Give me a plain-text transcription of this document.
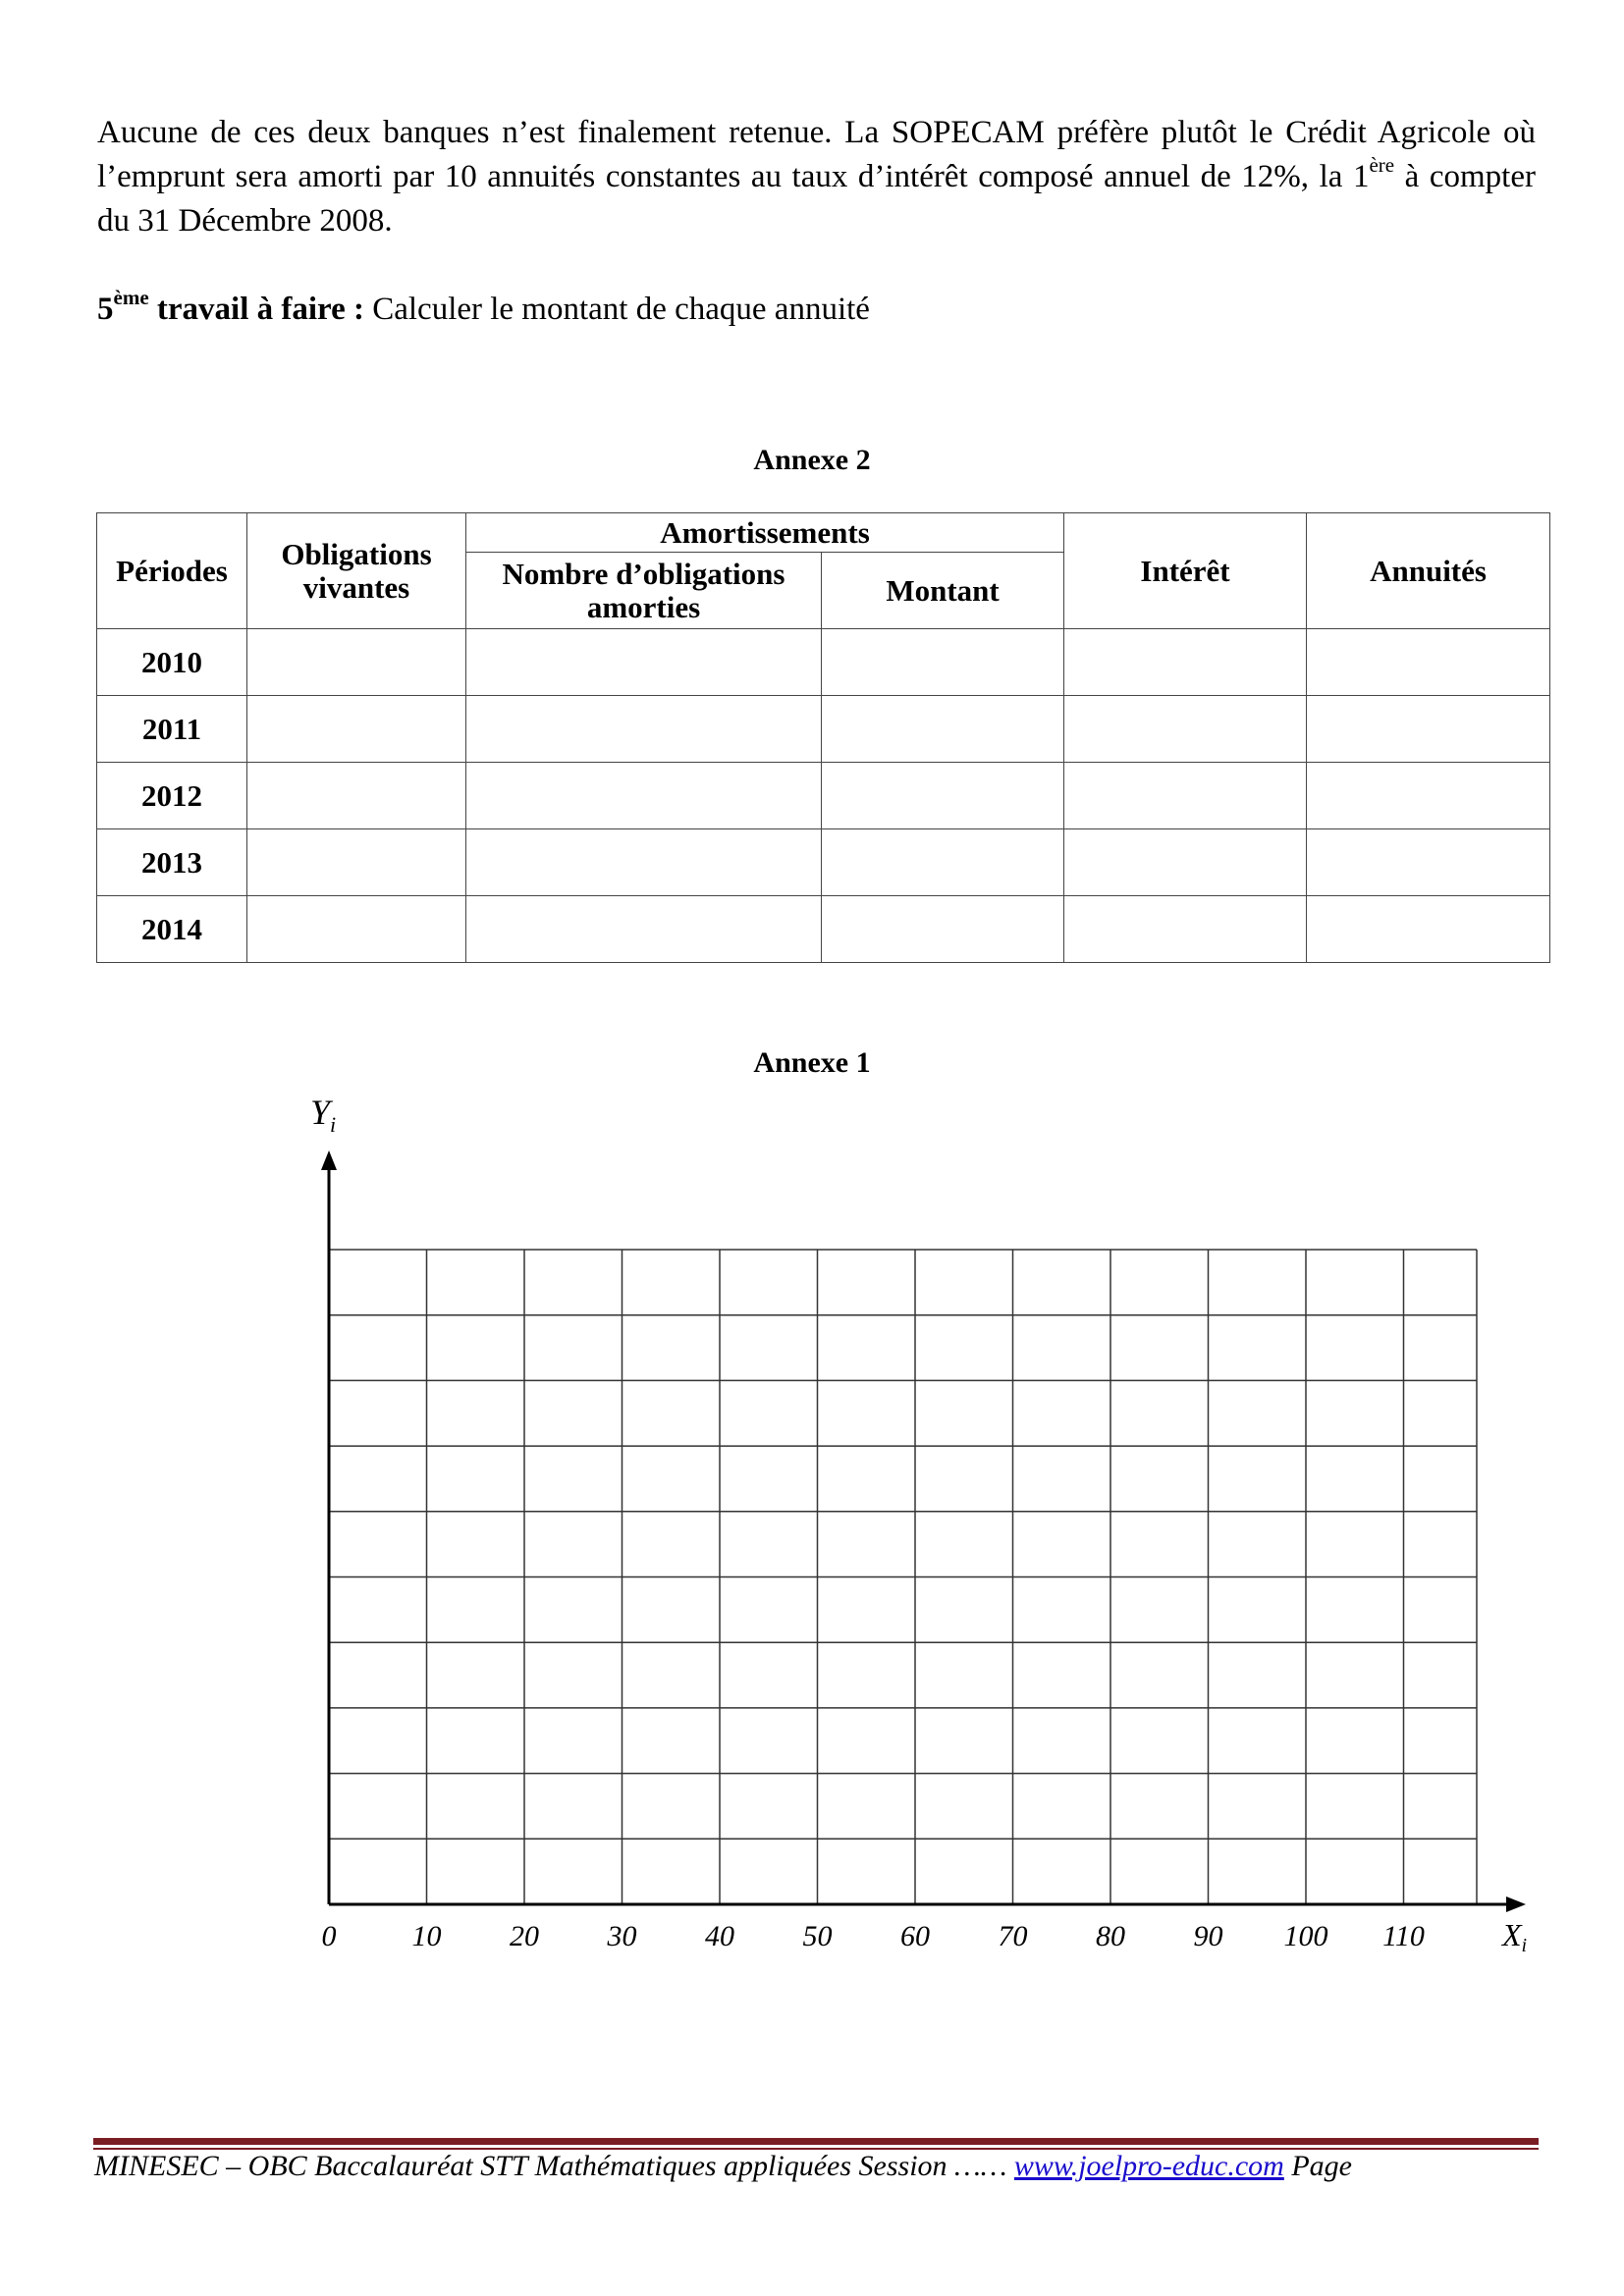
Aucune de ces deux banques n’est finalement retenue. La SOPECAM préfère plutôt le Crédit Agricole où l’emprunt sera amorti par 10 annuités constantes au taux d’intérêt composé annuel de 12%, la 1ère à compter du 31 Décembre 2008.

5ème travail à faire : Calculer le montant de chaque annuité

Annexe 2
Périodes	Obligations vivantes	Amortissements		Intérêt	Annuités
		Nombre d’obligations amorties	Montant		
2010					
2011					
2012					
2013					
2014					
Annexe 1
0	10 20 30 40 50 60 70 80 90 100 110 Xi
$Y_i$
MINESEC – OBC Baccalauréat STT Mathématiques appliquées Session …… www.joelpro-educ.com Page
